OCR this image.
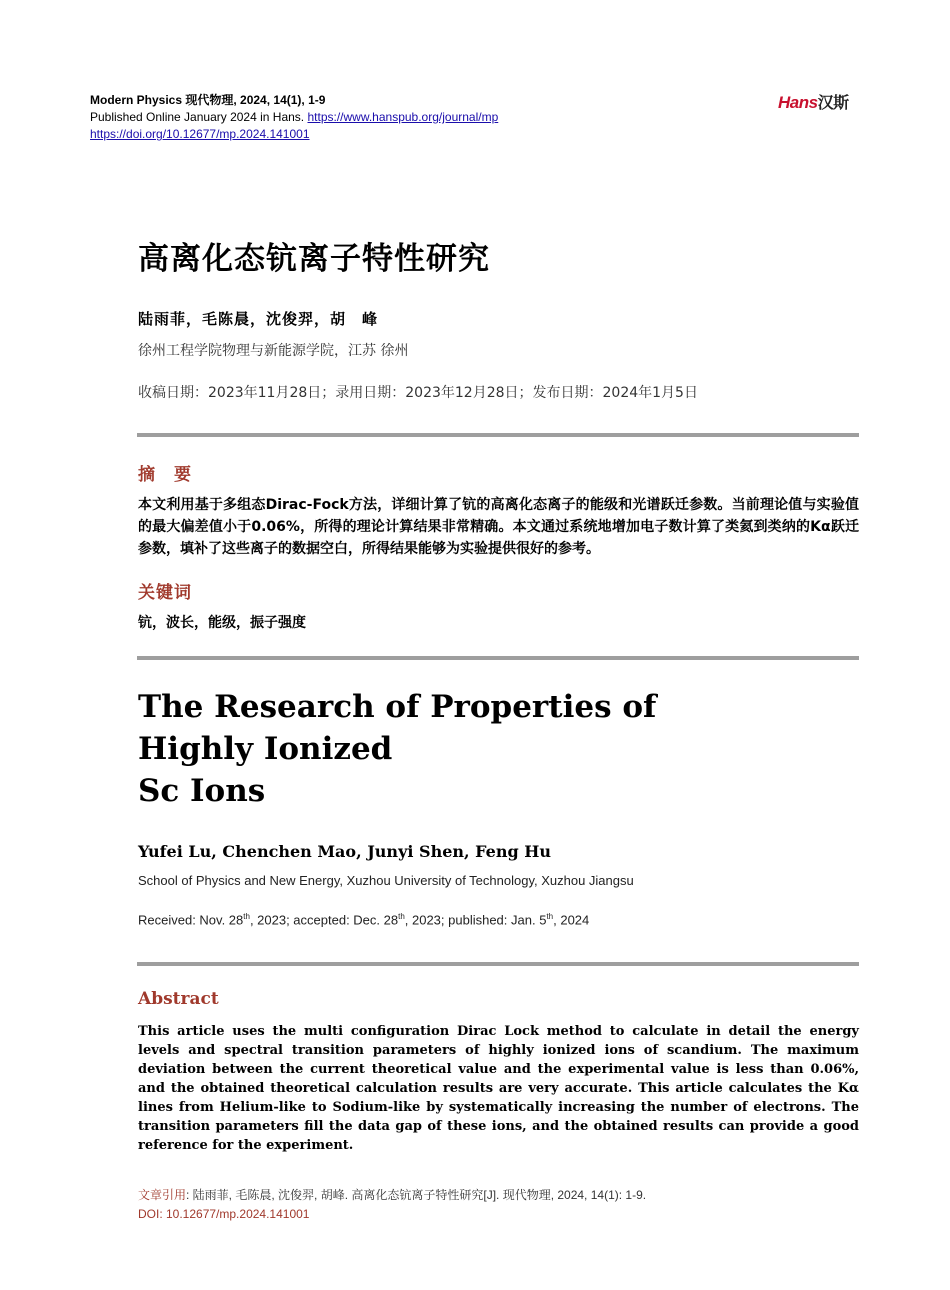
Modern Physics 现代物理, 2024, 14(1), 1-9
Published Online January 2024 in Hans. https://www.hanspub.org/journal/mp
https://doi.org/10.12677/mp.2024.141001
Hans汉斯
高离化态钪离子特性研究
陆雨菲，毛陈晨，沈俊羿，胡　峰
徐州工程学院物理与新能源学院，江苏 徐州
收稿日期：2023年11月28日；录用日期：2023年12月28日；发布日期：2024年1月5日
摘　要
本文利用基于多组态Dirac-Fock方法，详细计算了钪的高离化态离子的能级和光谱跃迁参数。当前理论值与实验值的最大偏差值小于0.06%，所得的理论计算结果非常精确。本文通过系统地增加电子数计算了类氦到类纳的Kα跃迁参数，填补了这些离子的数据空白，所得结果能够为实验提供很好的参考。
关键词
钪，波长，能级，振子强度
The Research of Properties of
Highly Ionized
Sc Ions
Yufei Lu, Chenchen Mao, Junyi Shen, Feng Hu
School of Physics and New Energy, Xuzhou University of Technology, Xuzhou Jiangsu
Received: Nov. 28th, 2023; accepted: Dec. 28th, 2023; published: Jan. 5th, 2024
Abstract
This article uses the multi configuration Dirac Lock method to calculate in detail the energy levels and spectral transition parameters of highly ionized ions of scandium. The maximum deviation between the current theoretical value and the experimental value is less than 0.06%, and the obtained theoretical calculation results are very accurate. This article calculates the Kα lines from Helium-like to Sodium-like by systematically increasing the number of electrons. The transition parameters fill the data gap of these ions, and the obtained results can provide a good reference for the experiment.
文章引用: 陆雨菲, 毛陈晨, 沈俊羿, 胡峰. 高离化态钪离子特性研究[J]. 现代物理, 2024, 14(1): 1-9.
DOI: 10.12677/mp.2024.141001
